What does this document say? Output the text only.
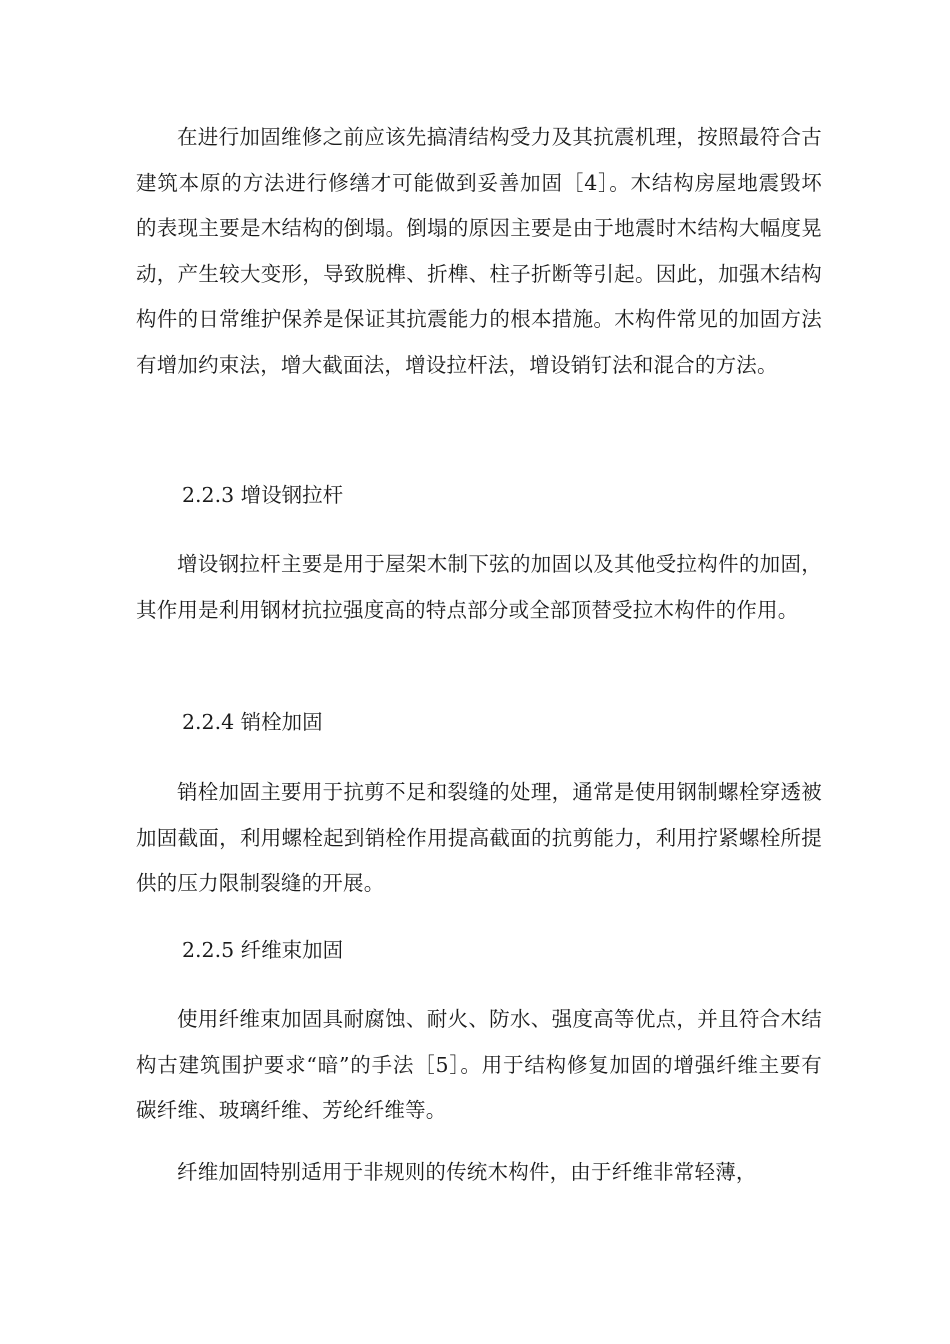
在进行加固维修之前应该先搞清结构受力及其抗震机理，按照最符合古建筑本原的方法进行修缮才可能做到妥善加固［4］。木结构房屋地震毁坏的表现主要是木结构的倒塌。倒塌的原因主要是由于地震时木结构大幅度晃动，产生较大变形，导致脱榫、折榫、柱子折断等引起。因此，加强木结构构件的日常维护保养是保证其抗震能力的根本措施。木构件常见的加固方法有增加约束法，增大截面法，增设拉杆法，增设销钉法和混合的方法。

2.2.3 增设钢拉杆

增设钢拉杆主要是用于屋架木制下弦的加固以及其他受拉构件的加固，其作用是利用钢材抗拉强度高的特点部分或全部顶替受拉木构件的作用。

2.2.4 销栓加固

销栓加固主要用于抗剪不足和裂缝的处理，通常是使用钢制螺栓穿透被加固截面，利用螺栓起到销栓作用提高截面的抗剪能力，利用拧紧螺栓所提供的压力限制裂缝的开展。

2.2.5 纤维束加固

使用纤维束加固具耐腐蚀、耐火、防水、强度高等优点，并且符合木结构古建筑围护要求“暗”的手法［5］。用于结构修复加固的增强纤维主要有碳纤维、玻璃纤维、芳纶纤维等。

纤维加固特别适用于非规则的传统木构件，由于纤维非常轻薄，
